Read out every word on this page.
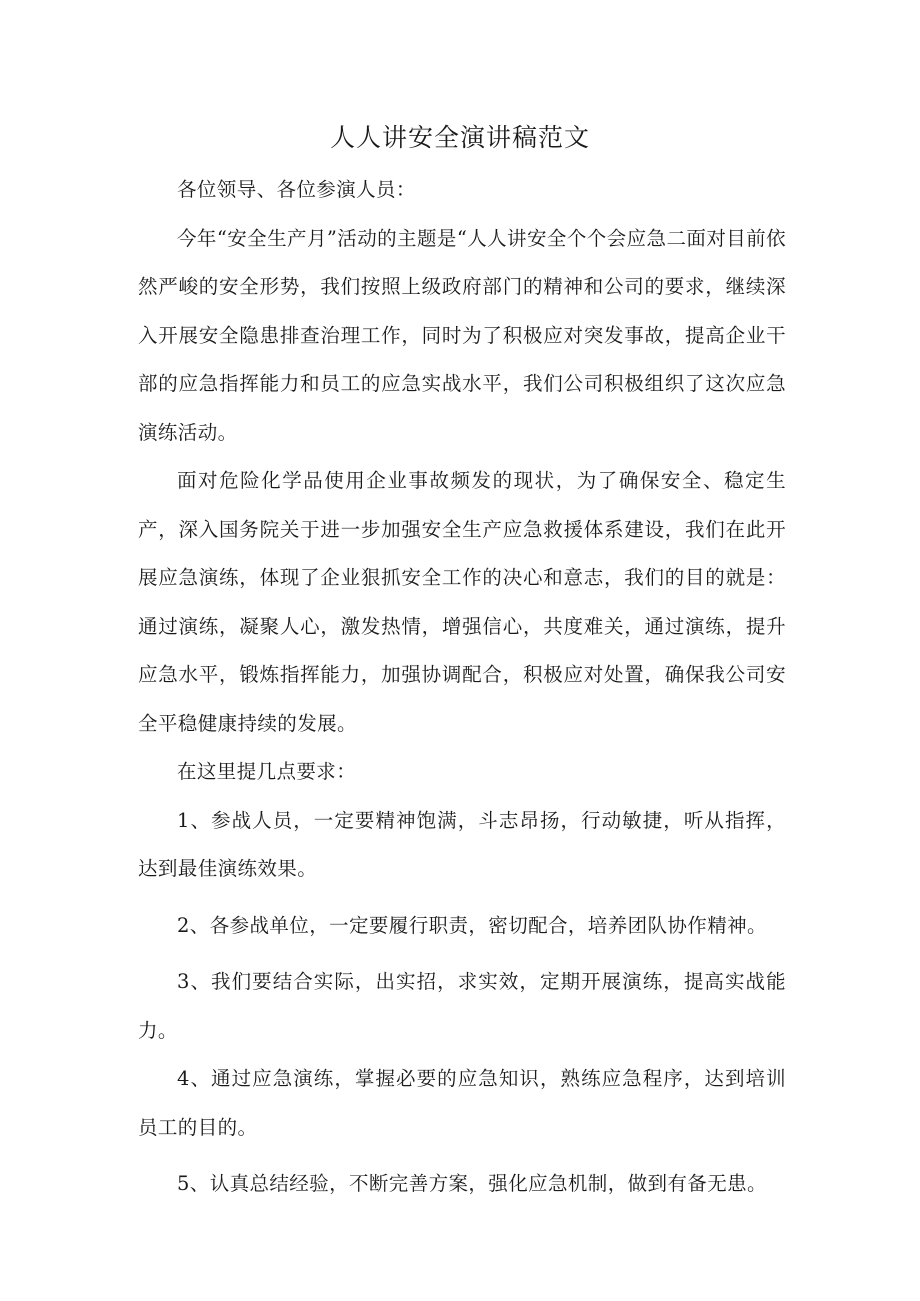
人人讲安全演讲稿范文

各位领导、各位参演人员：

今年“安全生产月”活动的主题是“人人讲安全个个会应急二面对目前依然严峻的安全形势，我们按照上级政府部门的精神和公司的要求，继续深入开展安全隐患排查治理工作，同时为了积极应对突发事故，提高企业干部的应急指挥能力和员工的应急实战水平，我们公司积极组织了这次应急演练活动。

面对危险化学品使用企业事故频发的现状，为了确保安全、稳定生产，深入国务院关于进一步加强安全生产应急救援体系建设，我们在此开展应急演练，体现了企业狠抓安全工作的决心和意志，我们的目的就是：通过演练，凝聚人心，激发热情，增强信心，共度难关，通过演练，提升应急水平，锻炼指挥能力，加强协调配合，积极应对处置，确保我公司安全平稳健康持续的发展。

在这里提几点要求：

1、参战人员，一定要精神饱满，斗志昂扬，行动敏捷，听从指挥，达到最佳演练效果。

2、各参战单位，一定要履行职责，密切配合，培养团队协作精神。

3、我们要结合实际，出实招，求实效，定期开展演练，提高实战能力。

4、通过应急演练，掌握必要的应急知识，熟练应急程序，达到培训员工的目的。

5、认真总结经验，不断完善方案，强化应急机制，做到有备无患。
